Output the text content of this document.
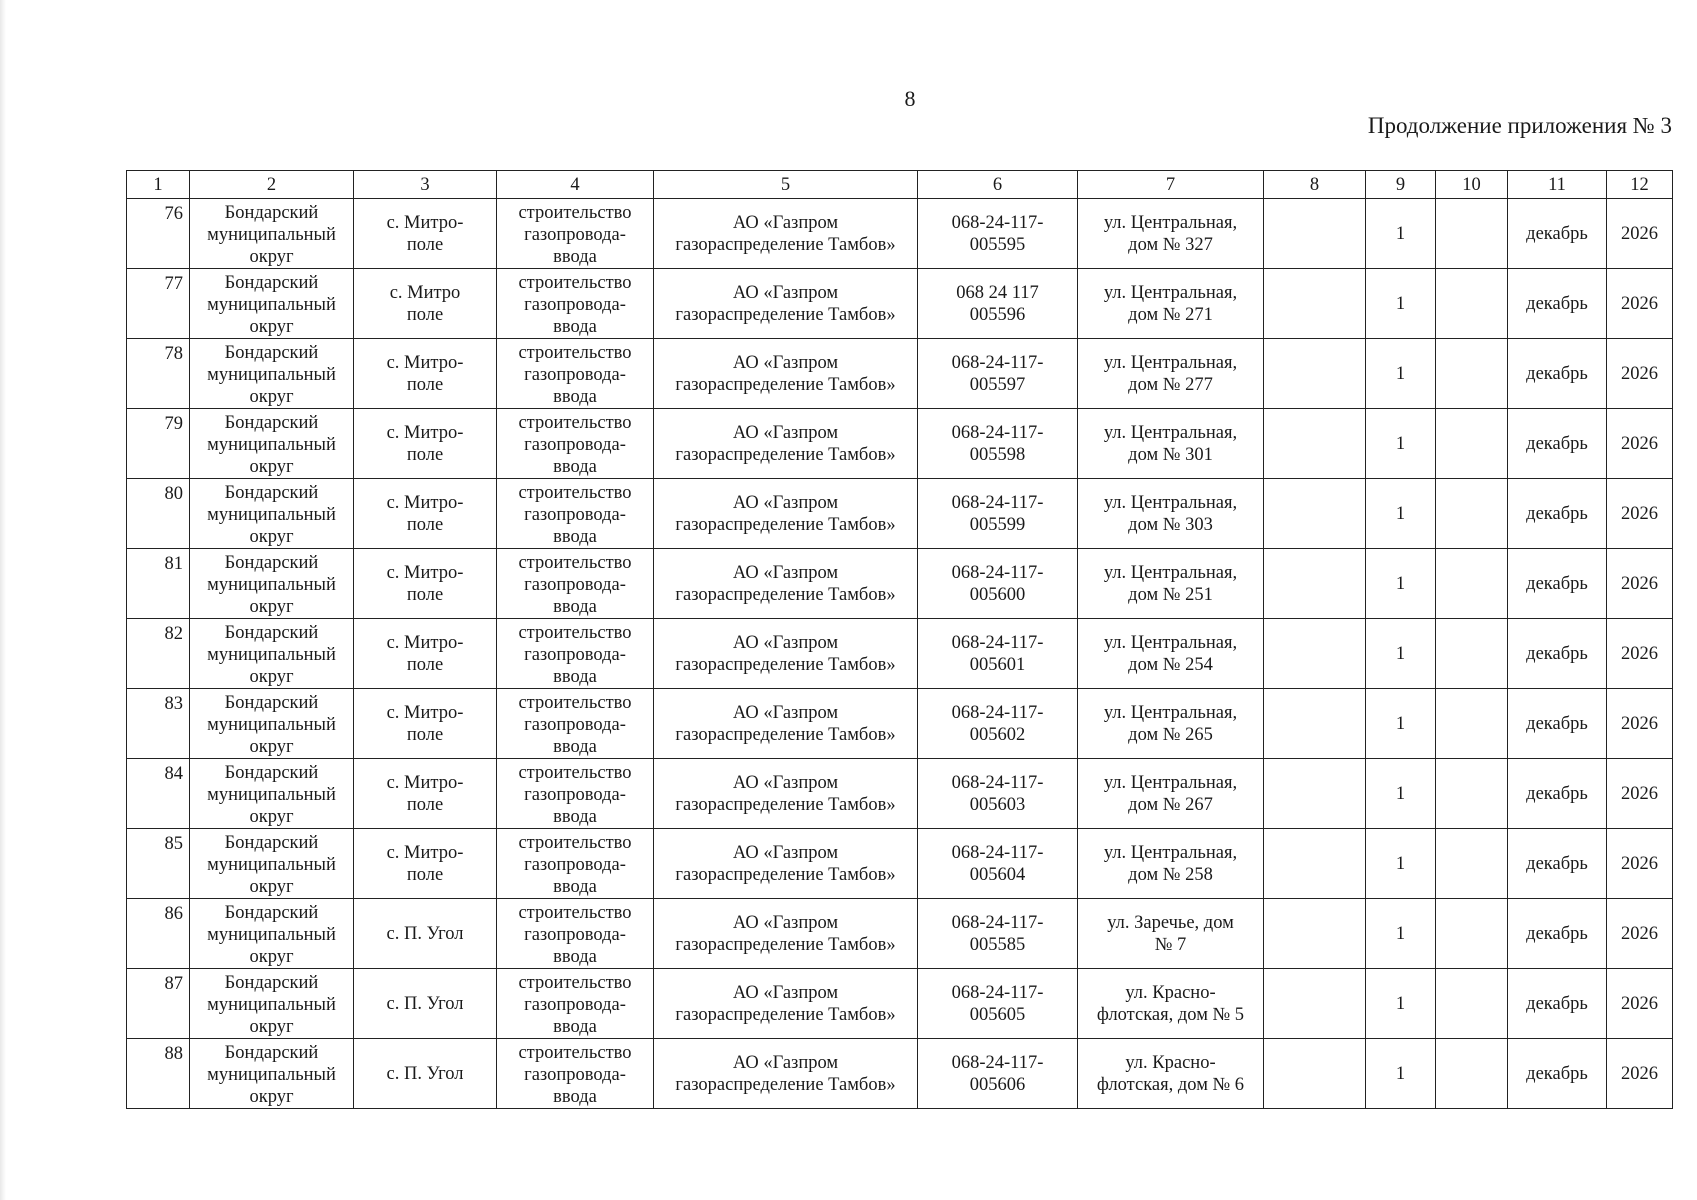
8
Продолжение приложения № 3
1	2	3	4	5	6	7	8	9	10	11	12
76	Бондарский
муниципальный
округ	с. Митро-
поле	строительство
газопровода-
ввода	АО «Газпром
газораспределение Тамбов»	068-24-117-
005595	ул. Центральная,
дом № 327		1		декабрь	2026
77	Бондарский
муниципальный
округ	с. Митро
поле	строительство
газопровода-
ввода	АО «Газпром
газораспределение Тамбов»	068 24 117
005596	ул. Центральная,
дом № 271		1		декабрь	2026
78	Бондарский
муниципальный
округ	с. Митро-
поле	строительство
газопровода-
ввода	АО «Газпром
газораспределение Тамбов»	068-24-117-
005597	ул. Центральная,
дом № 277		1		декабрь	2026
79	Бондарский
муниципальный
округ	с. Митро-
поле	строительство
газопровода-
ввода	АО «Газпром
газораспределение Тамбов»	068-24-117-
005598	ул. Центральная,
дом № 301		1		декабрь	2026
80	Бондарский
муниципальный
округ	с. Митро-
поле	строительство
газопровода-
ввода	АО «Газпром
газораспределение Тамбов»	068-24-117-
005599	ул. Центральная,
дом № 303		1		декабрь	2026
81	Бондарский
муниципальный
округ	с. Митро-
поле	строительство
газопровода-
ввода	АО «Газпром
газораспределение Тамбов»	068-24-117-
005600	ул. Центральная,
дом № 251		1		декабрь	2026
82	Бондарский
муниципальный
округ	с. Митро-
поле	строительство
газопровода-
ввода	АО «Газпром
газораспределение Тамбов»	068-24-117-
005601	ул. Центральная,
дом № 254		1		декабрь	2026
83	Бондарский
муниципальный
округ	с. Митро-
поле	строительство
газопровода-
ввода	АО «Газпром
газораспределение Тамбов»	068-24-117-
005602	ул. Центральная,
дом № 265		1		декабрь	2026
84	Бондарский
муниципальный
округ	с. Митро-
поле	строительство
газопровода-
ввода	АО «Газпром
газораспределение Тамбов»	068-24-117-
005603	ул. Центральная,
дом № 267		1		декабрь	2026
85	Бондарский
муниципальный
округ	с. Митро-
поле	строительство
газопровода-
ввода	АО «Газпром
газораспределение Тамбов»	068-24-117-
005604	ул. Центральная,
дом № 258		1		декабрь	2026
86	Бондарский
муниципальный
округ	с. П. Угол	строительство
газопровода-
ввода	АО «Газпром
газораспределение Тамбов»	068-24-117-
005585	ул. Заречье, дом
№ 7		1		декабрь	2026
87	Бондарский
муниципальный
округ	с. П. Угол	строительство
газопровода-
ввода	АО «Газпром
газораспределение Тамбов»	068-24-117-
005605	ул. Красно-
флотская, дом № 5		1		декабрь	2026
88	Бондарский
муниципальный
округ	с. П. Угол	строительство
газопровода-
ввода	АО «Газпром
газораспределение Тамбов»	068-24-117-
005606	ул. Красно-
флотская, дом № 6		1		декабрь	2026
